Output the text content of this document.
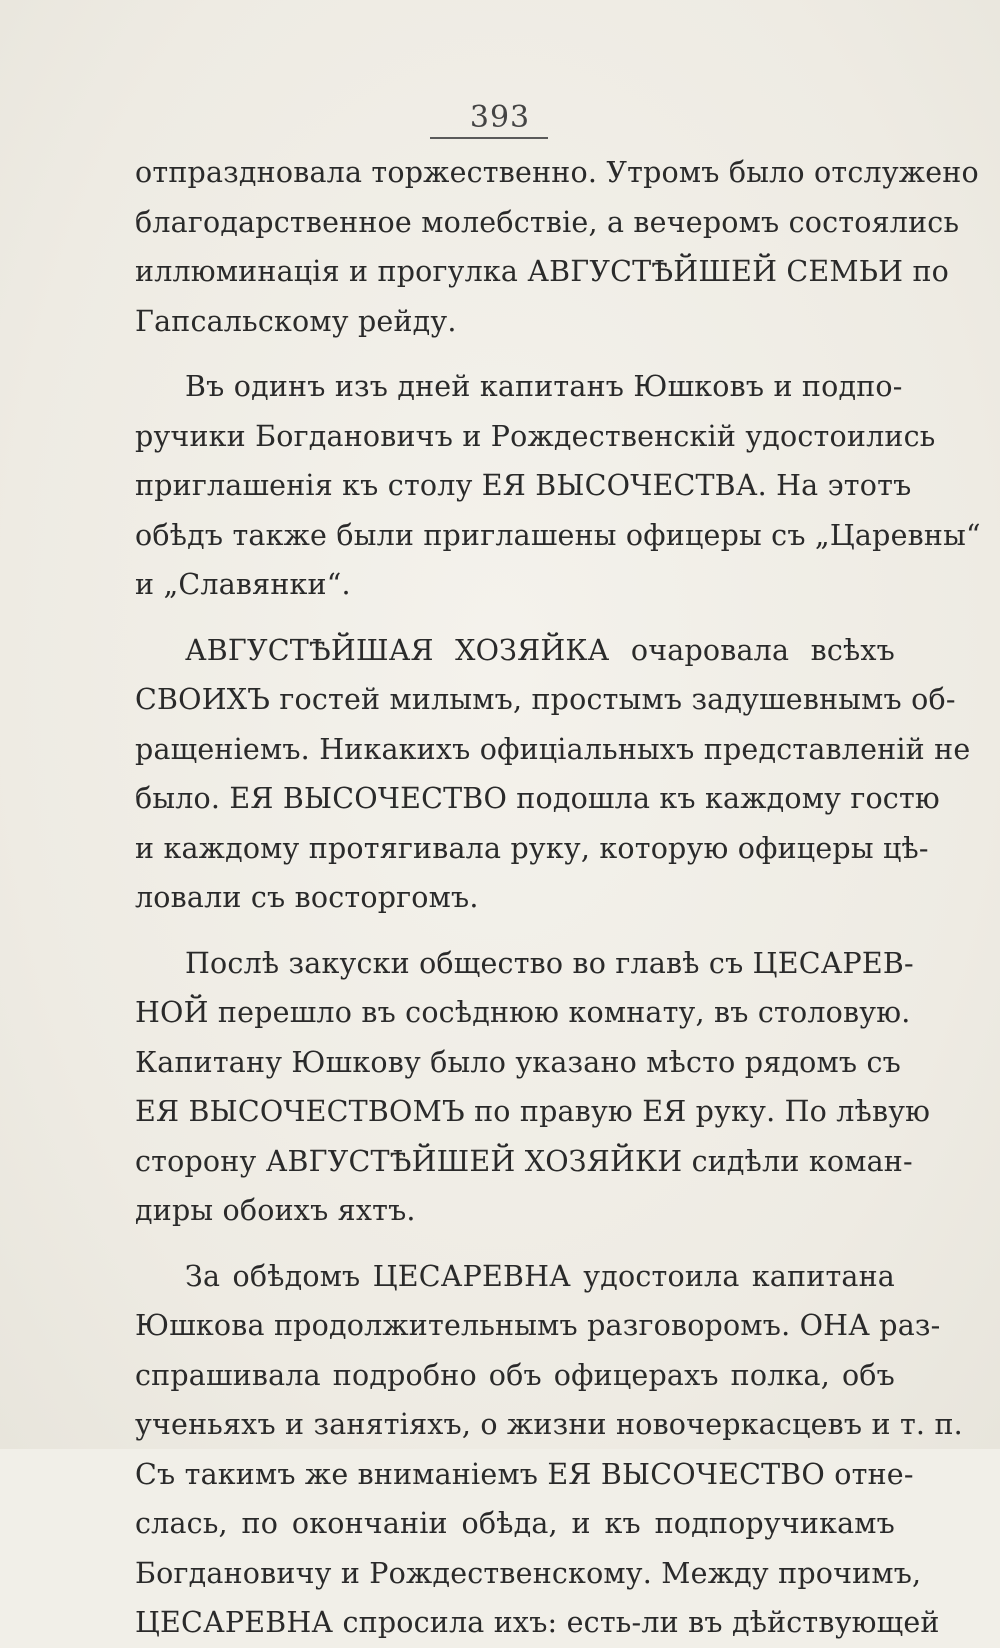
393
отпраздновала торжественно. Утромъ было отслужено
благодарственное молебствіе, а вечеромъ состоялись
иллюминація и прогулка АВГУСТѢЙШЕЙ СЕМЬИ по
Гапсальскому рейду.
Въ одинъ изъ дней капитанъ Юшковъ и подпо-
ручики Богдановичъ и Рождественскій удостоились
приглашенія къ столу ЕЯ ВЫСОЧЕСТВА. На этотъ
обѣдъ также были приглашены офицеры съ „Царевны“
и „Славянки“.
АВГУСТѢЙШАЯ ХОЗЯЙКА очаровала всѣхъ
СВОИХЪ гостей милымъ, простымъ задушевнымъ об-
ращеніемъ. Никакихъ офиціальныхъ представленій не
было. ЕЯ ВЫСОЧЕСТВО подошла къ каждому гостю
и каждому протягивала руку, которую офицеры цѣ-
ловали съ восторгомъ.
Послѣ закуски общество во главѣ съ ЦЕСАРЕВ-
НОЙ перешло въ сосѣднюю комнату, въ столовую.
Капитану Юшкову было указано мѣсто рядомъ съ
ЕЯ ВЫСОЧЕСТВОМЪ по правую ЕЯ руку. По лѣвую
сторону АВГУСТѢЙШЕЙ ХОЗЯЙКИ сидѣли коман-
диры обоихъ яхтъ.
За обѣдомъ ЦЕСАРЕВНА удостоила капитана
Юшкова продолжительнымъ разговоромъ. ОНА раз-
спрашивала подробно объ офицерахъ полка, объ
ученьяхъ и занятіяхъ, о жизни новочеркасцевъ и т. п.
Съ такимъ же вниманіемъ ЕЯ ВЫСОЧЕСТВО отне-
слась, по окончаніи обѣда, и къ подпоручикамъ
Богдановичу и Рождественскому. Между прочимъ,
ЦЕСАРЕВНА спросила ихъ: есть-ли въ дѣйствующей
